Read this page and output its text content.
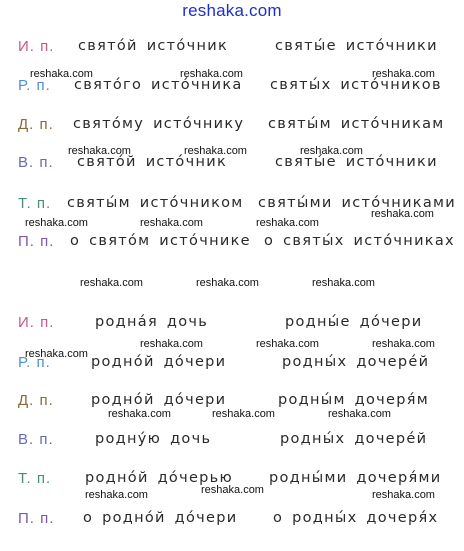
reshaka.com
И. п. святóй истóчник	святы́е истóчники
Р. п. святóго истóчника святы́х истóчников
Д. п. святóму истóчнику святы́м истóчникам
В. п. святóй истóчник	святы́е истóчники
Т. п. святы́м истóчником святы́ми истóчниками
П. п. о святóм истóчнике о святы́х истóчниках
И. п.	роднáя дочь	родны́е дóчери
Р. п.	роднóй дóчери	родны́х дочерéй
Д. п.	роднóй дóчери	родны́м дочеря́м
В. п.	роднýю дочь	родны́х дочерéй
Т. п. роднóй дóчерью родны́ми дочеря́ми
П. п. о роднóй дóчери о родны́х дочеря́х
reshaka.com	reshaka.com	reshaka.com
reshaka.com	reshaka.com	reshaka.com
reshaka.com
reshaka.com	reshaka.com	reshaka.com
reshaka.com	reshaka.com	reshaka.com
reshaka.com	reshaka.com	reshaka.com
reshaka.com
reshaka.com	reshaka.com	reshaka.com
reshaka.com
reshaka.com	reshaka.com
